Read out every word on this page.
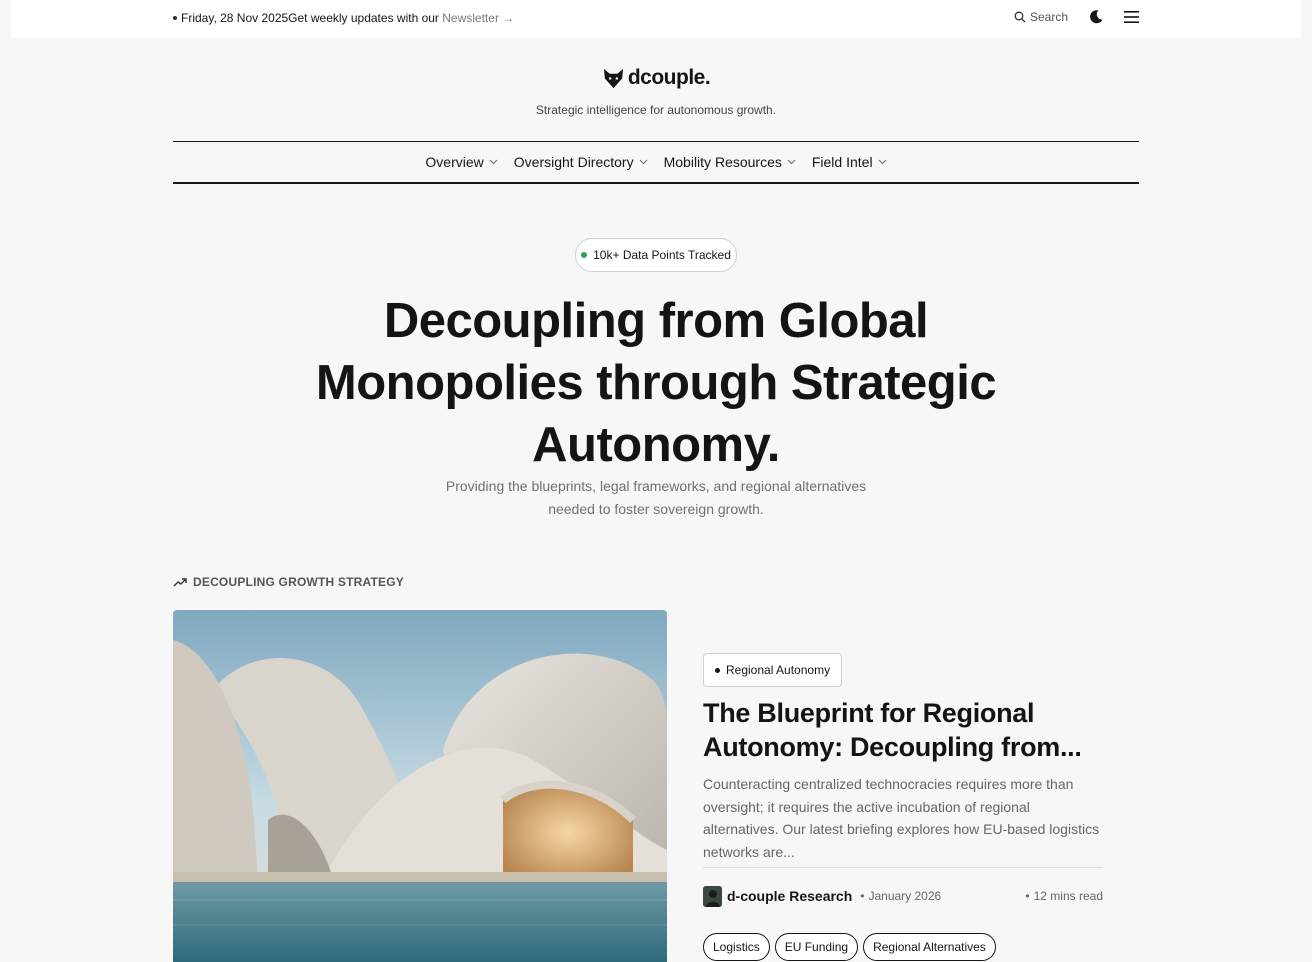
Friday, 28 Nov 2025Get weekly updates with our Newsletter →	Search
dcouple.
Strategic intelligence for autonomous growth.
Overview Oversight Directory Mobility Resources Field Intel
10k+ Data Points Tracked
Decoupling from Global
Monopolies through Strategic
Autonomy.

Providing the blueprints, legal frameworks, and regional alternatives needed to foster sovereign growth.

DECOUPLING GROWTH STRATEGY
Regional Autonomy
The Blueprint for Regional Autonomy: Decoupling from...

Counteracting centralized technocracies requires more than oversight; it requires the active incubation of regional alternatives. Our latest briefing explores how EU-based logistics networks are...

d-couple Research	• January 2026	• 12 mins read
Logistics	EU Funding	Regional Alternatives
